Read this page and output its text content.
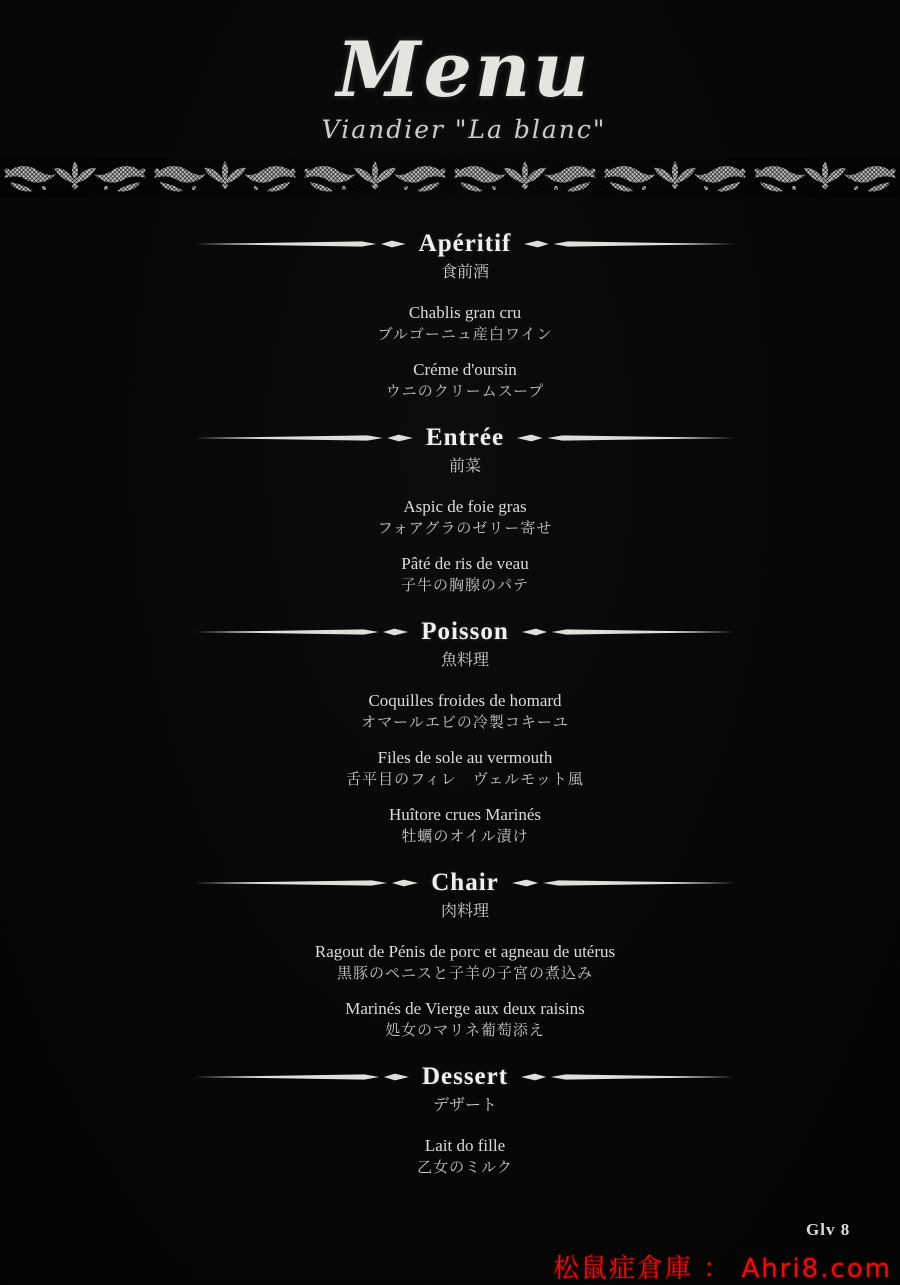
Menu
Viandier "La blanc"
Apéritif
食前酒
Chablis gran cru
ブルゴーニュ産白ワイン
Créme d'oursin
ウニのクリームスープ
Entrée
前菜
Aspic de foie gras
フォアグラのゼリー寄せ
Pâté de ris de veau
子牛の胸腺のパテ
Poisson
魚料理
Coquilles froides de homard
オマールエビの冷製コキーユ
Files de sole au vermouth
舌平目のフィレ　ヴェルモット風
Huîtore crues Marinés
牡蠣のオイル漬け
Chair
肉料理
Ragout de Pénis de porc et agneau de utérus
黒豚のペニスと子羊の子宮の煮込み
Marinés de Vierge aux deux raisins
処女のマリネ葡萄添え
Dessert
デザート
Lait do fille
乙女のミルク
Glv 8
松鼠症倉庫 ： Ahri8.com
